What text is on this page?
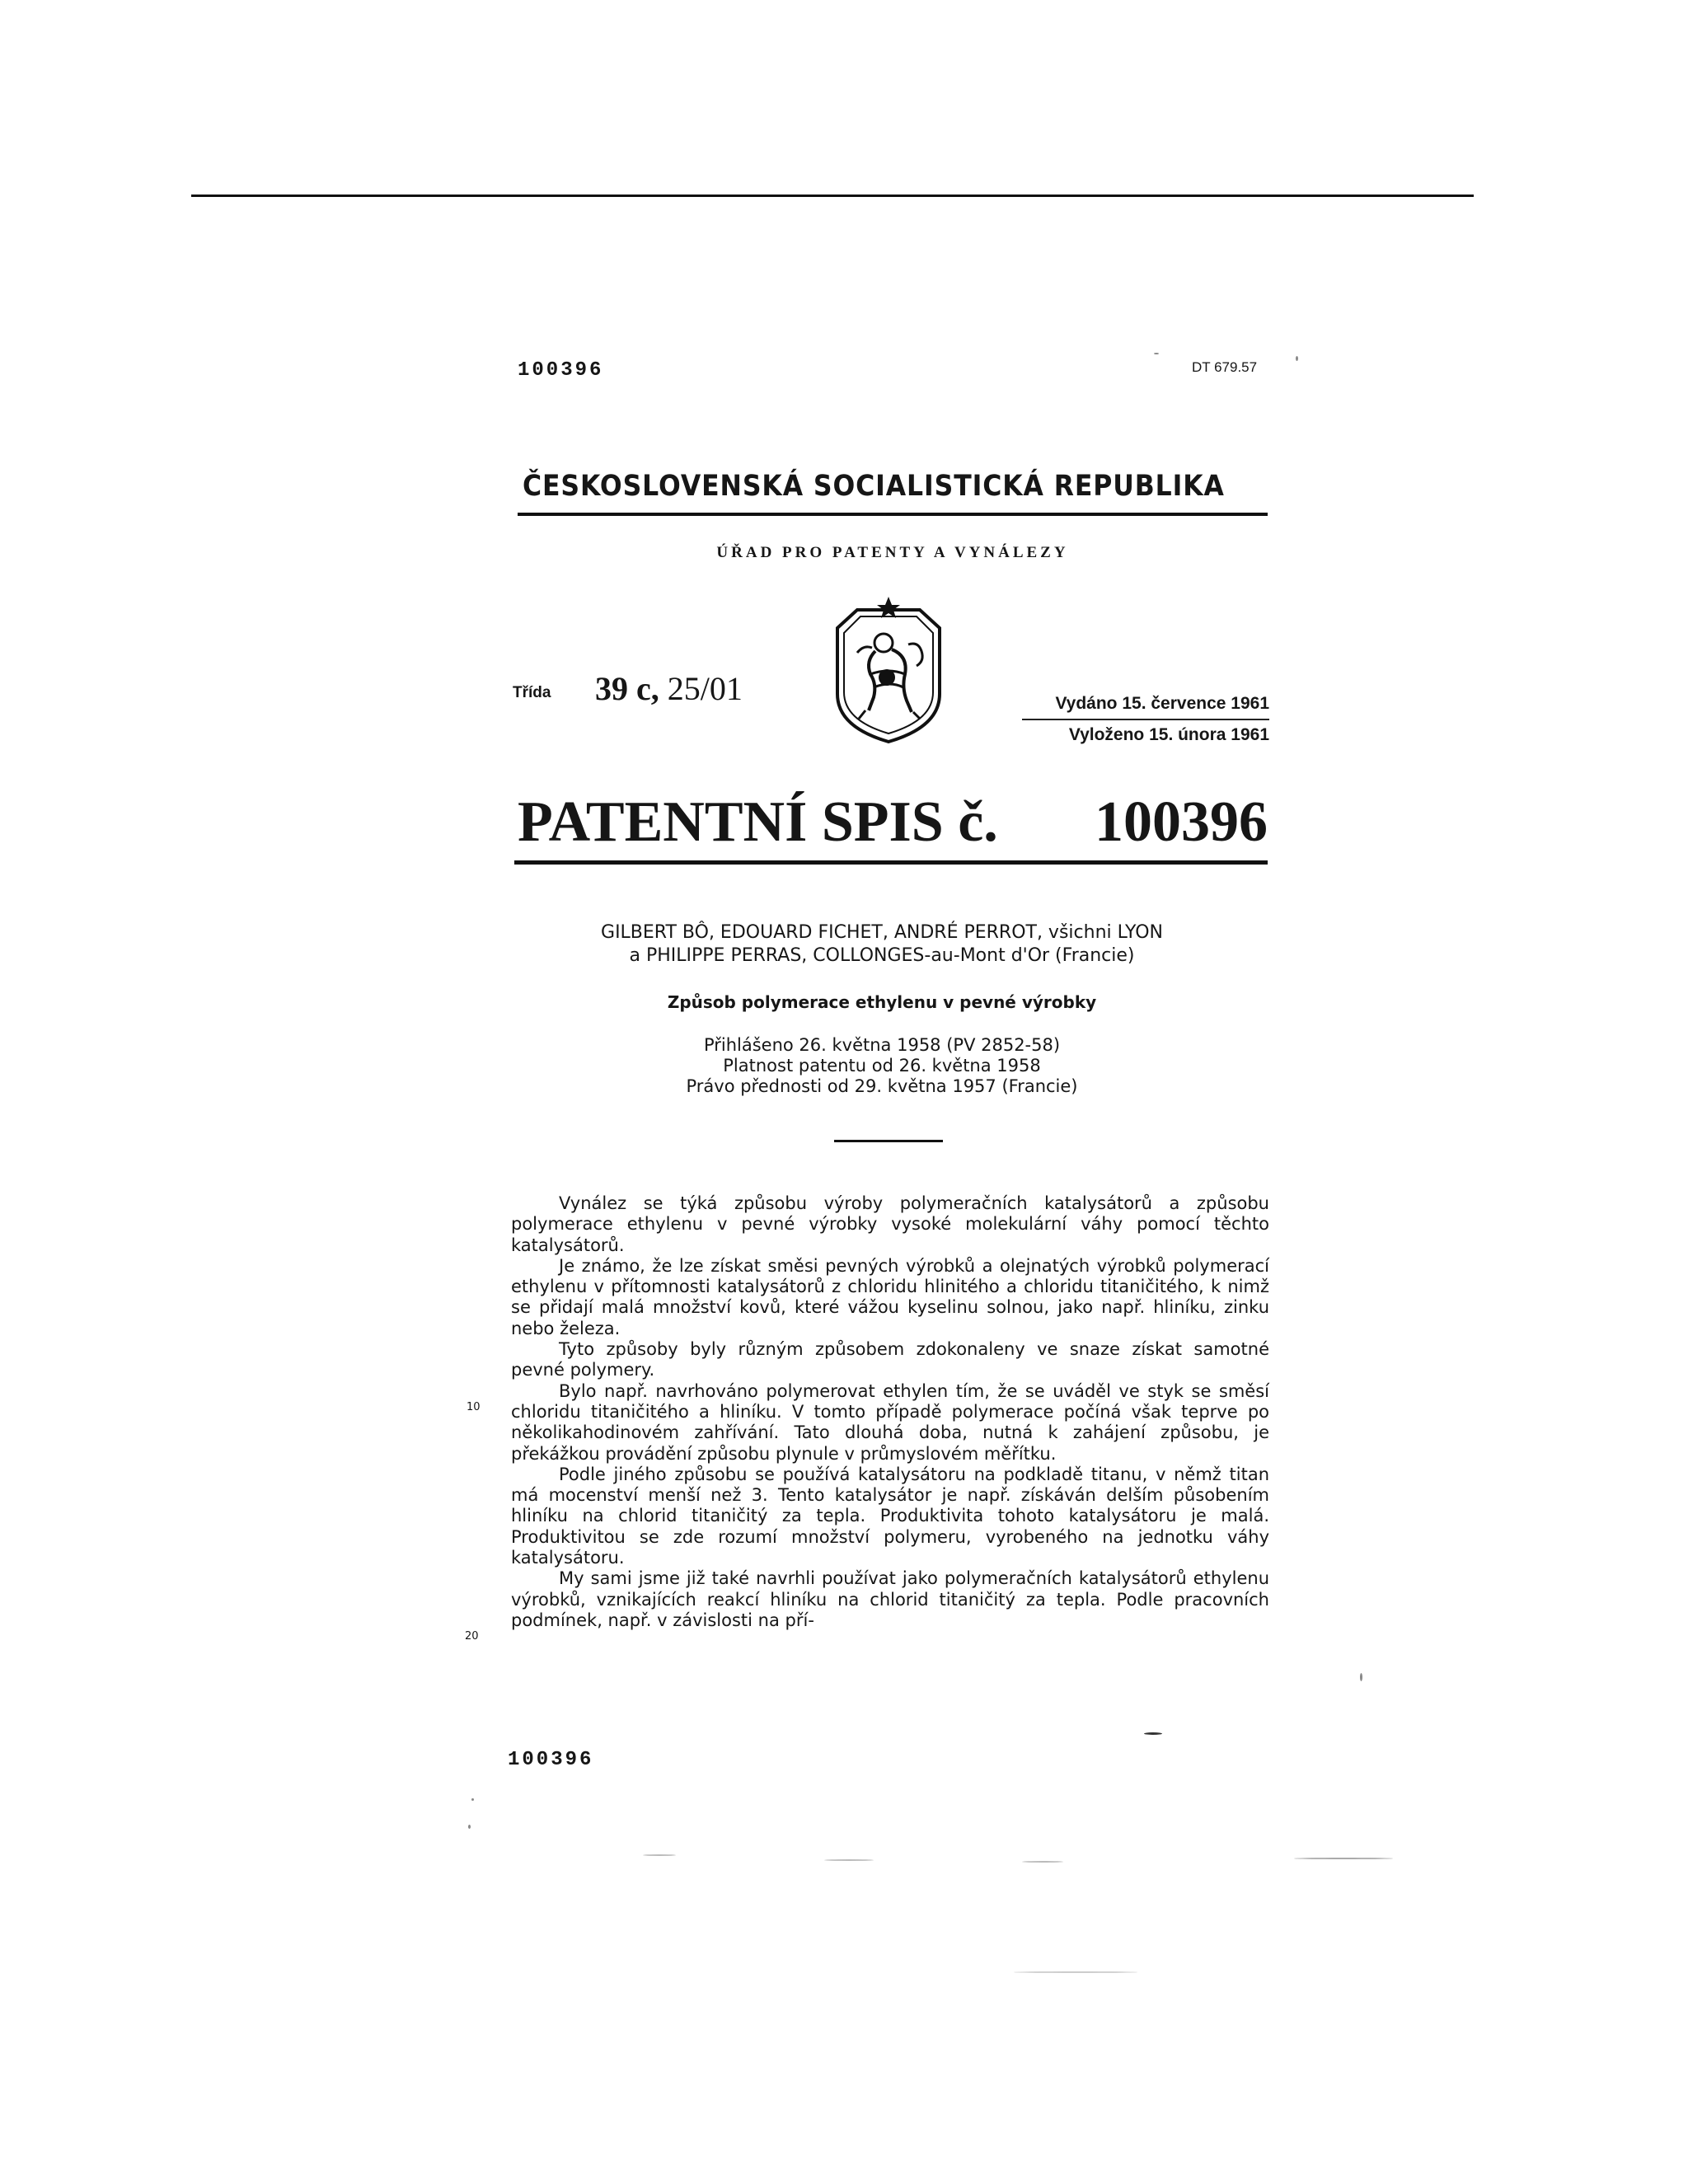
100396	DT 679.57
ČESKOSLOVENSKÁ SOCIALISTICKÁ REPUBLIKA
ÚŘAD PRO PATENTY A VYNÁLEZY
Třída 39 c, 25/01	Vydáno 15. července 1961
Vyloženo 15. února 1961
PATENTNÍ SPIS č. 100396
GILBERT BÔ, EDOUARD FICHET, ANDRÉ PERROT, všichni LYON
a PHILIPPE PERRAS, COLLONGES-au-Mont d'Or (Francie)
Způsob polymerace ethylenu v pevné výrobky
Přihlášeno 26. května 1958 (PV 2852-58)
Platnost patentu od 26. května 1958
Právo přednosti od 29. května 1957 (Francie)

Vynález se týká způsobu výroby polymeračních katalysátorů a způsobu polymerace ethylenu v pevné výrobky vysoké molekulární váhy pomocí těchto katalysátorů.

Je známo, že lze získat směsi pevných výrobků a olejnatých výrobků polymerací ethylenu v přítomnosti katalysátorů z chloridu hlinitého a chloridu titaničitého, k nimž se přidají malá množství kovů, které vážou kyselinu solnou, jako např. hliníku, zinku nebo železa.

Tyto způsoby byly různým způsobem zdokonaleny ve snaze získat samotné pevné polymery.

Bylo např. navrhováno polymerovat ethylen tím, že se uváděl ve styk se směsí chloridu titaničitého a hliníku. V tomto případě polymerace počíná však teprve po několikahodinovém zahřívání. Tato dlouhá doba, nutná k zahájení způsobu, je překážkou provádění způsobu plynule v průmyslovém měřítku.

Podle jiného způsobu se používá katalysátoru na podkladě titanu, v němž titan má mocenství menší než 3. Tento katalysátor je např. získáván delším působením hliníku na chlorid titaničitý za tepla. Produktivita tohoto katalysátoru je malá. Produktivitou se zde rozumí množství polymeru, vyrobeného na jednotku váhy katalysátoru.

My sami jsme již také navrhli používat jako polymeračních katalysátorů ethylenu výrobků, vznikajících reakcí hliníku na chlorid titaničitý za tepla. Podle pracovních podmínek, např. v závislosti na pří-

10
20
100396
